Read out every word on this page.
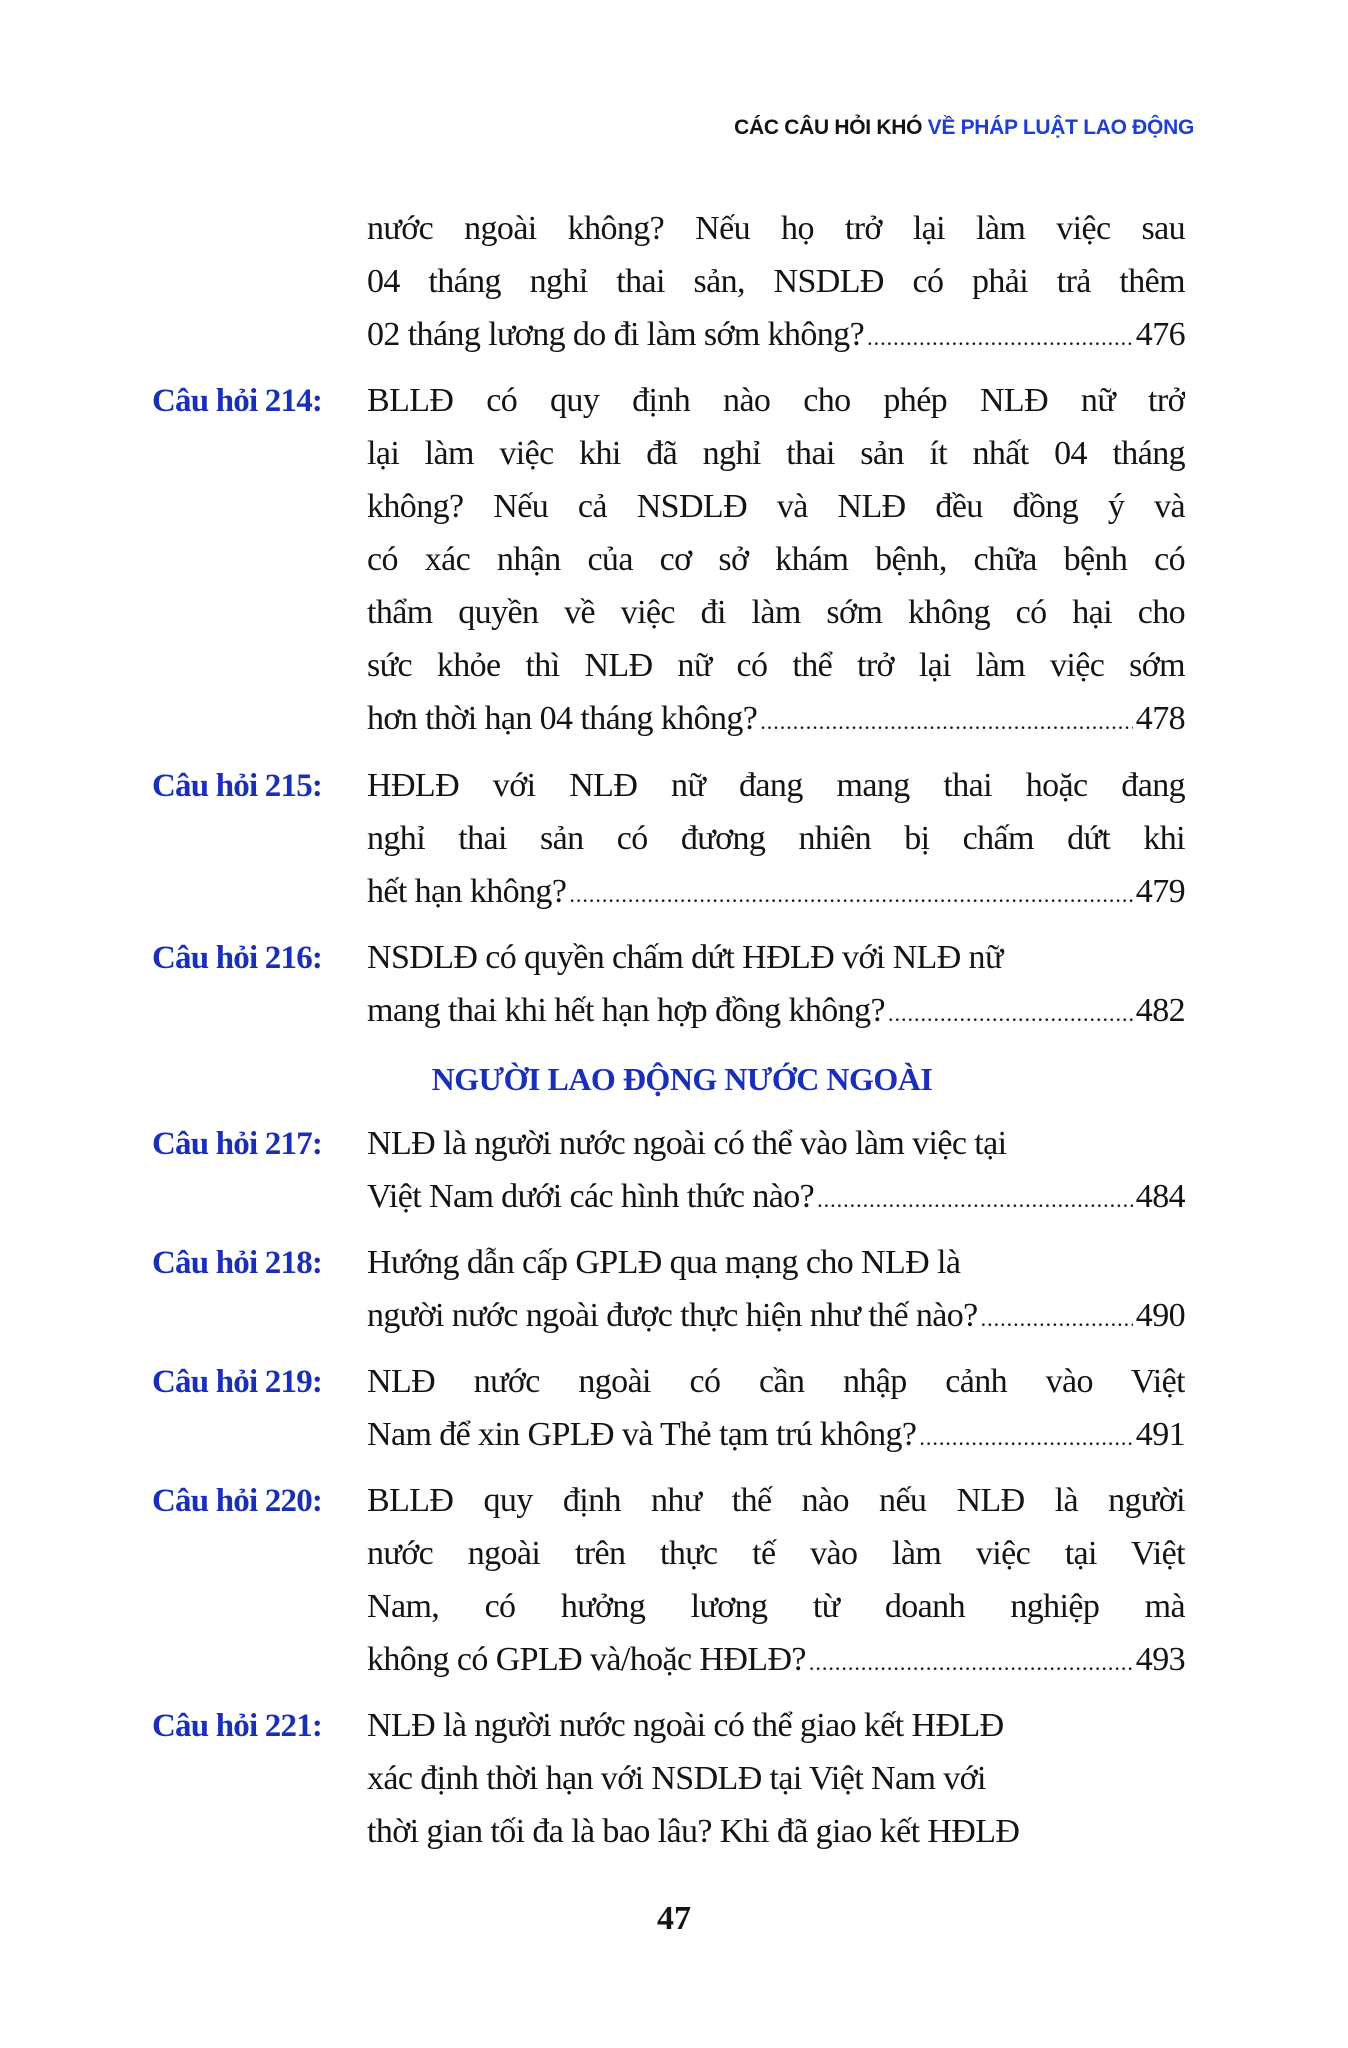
CÁC CÂU HỎI KHÓ VỀ PHÁP LUẬT LAO ĐỘNG
nước ngoài không? Nếu họ trở lại làm việc sau
04 tháng nghỉ thai sản, NSDLĐ có phải trả thêm
02 tháng lương do đi làm sớm không? .....	476
Câu hỏi 214: BLLĐ có quy định nào cho phép NLĐ nữ trở
lại làm việc khi đã nghỉ thai sản ít nhất 04 tháng
không? Nếu cả NSDLĐ và NLĐ đều đồng ý và
có xác nhận của cơ sở khám bệnh, chữa bệnh có
thẩm quyền về việc đi làm sớm không có hại cho
sức khỏe thì NLĐ nữ có thể trở lại làm việc sớm
hơn thời hạn 04 tháng không? .....	478
Câu hỏi 215: HĐLĐ với NLĐ nữ đang mang thai hoặc đang
nghỉ thai sản có đương nhiên bị chấm dứt khi
hết hạn không? .....	479
Câu hỏi 216: NSDLĐ có quyền chấm dứt HĐLĐ với NLĐ nữ
mang thai khi hết hạn hợp đồng không? .....	482
NGƯỜI LAO ĐỘNG NƯỚC NGOÀI
Câu hỏi 217: NLĐ là người nước ngoài có thể vào làm việc tại
Việt Nam dưới các hình thức nào? .....	484
Câu hỏi 218: Hướng dẫn cấp GPLĐ qua mạng cho NLĐ là
người nước ngoài được thực hiện như thế nào? .....	490
Câu hỏi 219: NLĐ nước ngoài có cần nhập cảnh vào Việt
Nam để xin GPLĐ và Thẻ tạm trú không? .....	491
Câu hỏi 220: BLLĐ quy định như thế nào nếu NLĐ là người
nước ngoài trên thực tế vào làm việc tại Việt
Nam, có hưởng lương từ doanh nghiệp mà
không có GPLĐ và/hoặc HĐLĐ? .....	493
Câu hỏi 221: NLĐ là người nước ngoài có thể giao kết HĐLĐ
xác định thời hạn với NSDLĐ tại Việt Nam với
thời gian tối đa là bao lâu? Khi đã giao kết HĐLĐ
47
